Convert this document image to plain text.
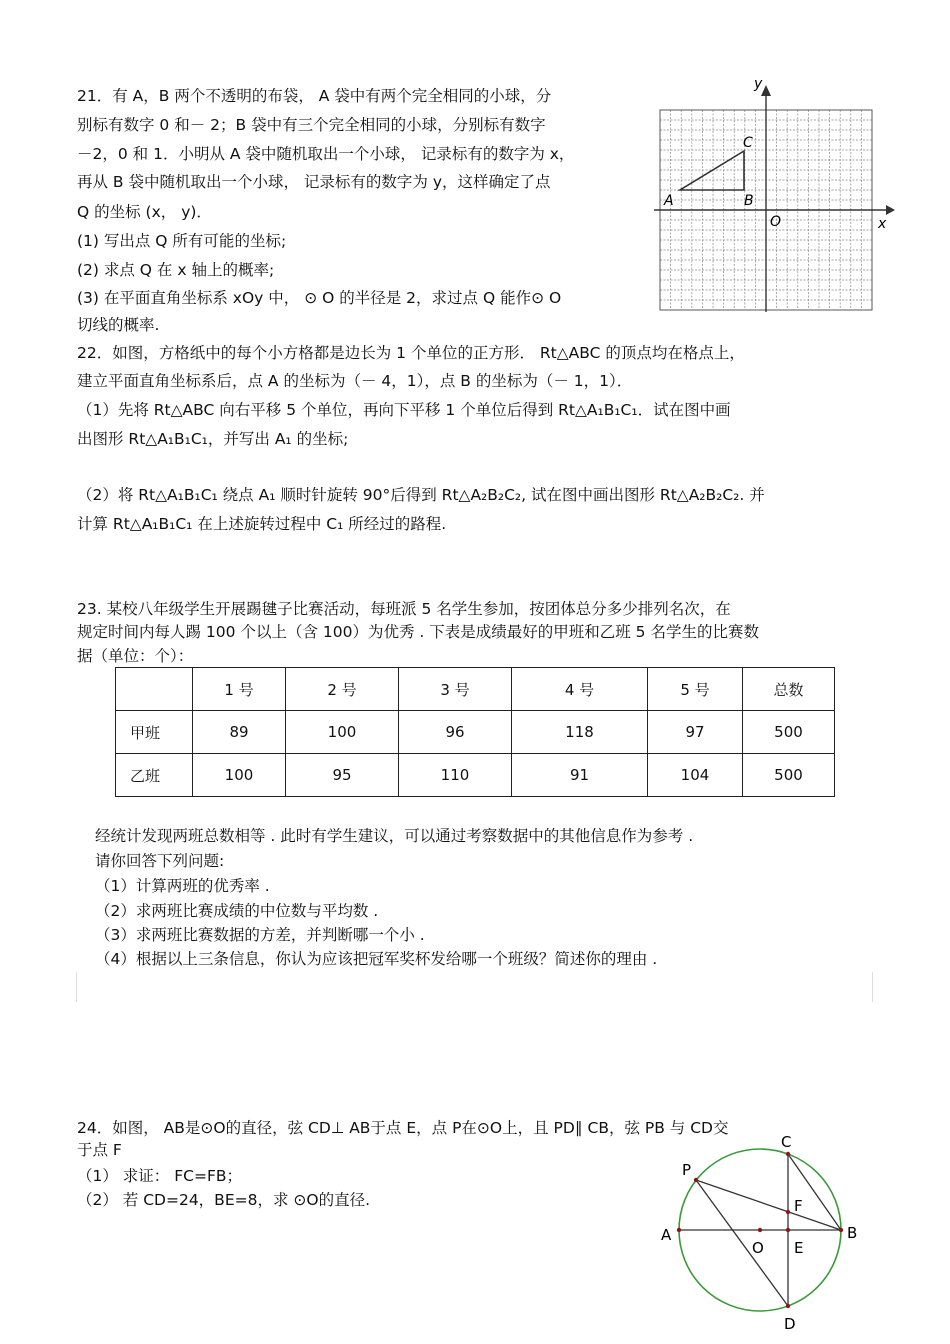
21．有 A，B 两个不透明的布袋， A 袋中有两个完全相同的小球，分
别标有数字 0 和－ 2；B 袋中有三个完全相同的小球，分别标有数字
－2，0 和 1．小明从 A 袋中随机取出一个小球， 记录标有的数字为 x，
再从 B 袋中随机取出一个小球， 记录标有的数字为 y，这样确定了点
Q 的坐标 (x， y)．
(1) 写出点 Q 所有可能的坐标;
(2) 求点 Q 在 x 轴上的概率;
(3) 在平面直角坐标系 xOy 中， ⊙ O 的半径是 2，求过点 Q 能作⊙ O
切线的概率.
y
x
A	B
C
O
22．如图，方格纸中的每个小方格都是边长为 1 个单位的正方形． Rt△ABC 的顶点均在格点上，
建立平面直角坐标系后，点 A 的坐标为（－ 4，1），点 B 的坐标为（－ 1，1）．
（1）先将 Rt△ABC 向右平移 5 个单位，再向下平移 1 个单位后得到 Rt△A₁B₁C₁．试在图中画
出图形 Rt△A₁B₁C₁，并写出 A₁ 的坐标;
（2）将 Rt△A₁B₁C₁ 绕点 A₁ 顺时针旋转 90°后得到 Rt△A₂B₂C₂, 试在图中画出图形 Rt△A₂B₂C₂. 并
计算 Rt△A₁B₁C₁ 在上述旋转过程中 C₁ 所经过的路程.
23. 某校八年级学生开展踢毽子比赛活动，每班派 5 名学生参加，按团体总分多少排列名次，在
规定时间内每人踢 100 个以上（含 100）为优秀 . 下表是成绩最好的甲班和乙班 5 名学生的比赛数
据（单位：个）：
	1 号	2 号	3 号	4 号	5 号	总数
甲班	89	100	96	118	97	500
乙班	100	95	110	91	104	500
经统计发现两班总数相等 . 此时有学生建议，可以通过考察数据中的其他信息作为参考 .
请你回答下列问题:
（1）计算两班的优秀率 .
（2）求两班比赛成绩的中位数与平均数 .
（3）求两班比赛数据的方差，并判断哪一个小 .
（4）根据以上三条信息，你认为应该把冠军奖杯发给哪一个班级？简述你的理由 .
24．如图， AB是⊙O的直径，弦 CD⊥ AB于点 E，点 P在⊙O上，且 PD∥ CB，弦 PB 与 CD交
于点 F
（1） 求证： FC=FB；
（2） 若 CD=24，BE=8，求 ⊙O的直径.
C
P
F
A	B
O E
D
